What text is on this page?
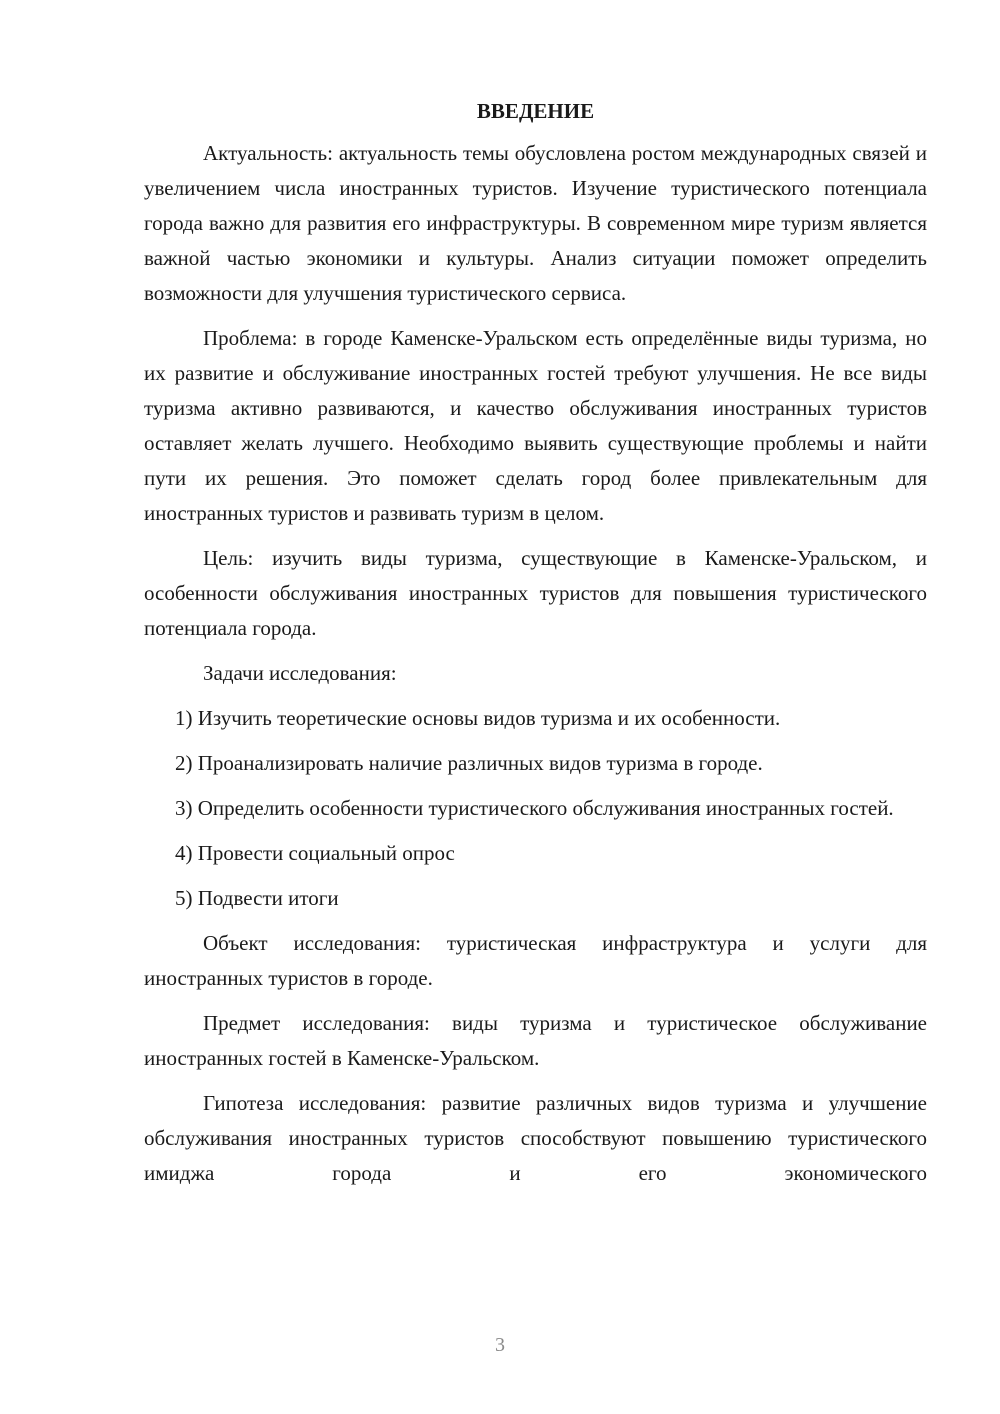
ВВЕДЕНИЕ

Актуальность: актуальность темы обусловлена ростом международных связей и увеличением числа иностранных туристов. Изучение туристического потенциала города важно для развития его инфраструктуры. В современном мире туризм является важной частью экономики и культуры. Анализ ситуации поможет определить возможности для улучшения туристического сервиса.

Проблема: в городе Каменске-Уральском есть определённые виды туризма, но их развитие и обслуживание иностранных гостей требуют улучшения. Не все виды туризма активно развиваются, и качество обслуживания иностранных туристов оставляет желать лучшего. Необходимо выявить существующие проблемы и найти пути их решения. Это поможет сделать город более привлекательным для иностранных туристов и развивать туризм в целом.

Цель: изучить виды туризма, существующие в Каменске-Уральском, и особенности обслуживания иностранных туристов для повышения туристического потенциала города.

Задачи исследования:

1) Изучить теоретические основы видов туризма и их особенности.

2) Проанализировать наличие различных видов туризма в городе.

3) Определить особенности туристического обслуживания иностранных гостей.

4) Провести социальный опрос

5) Подвести итоги

Объект исследования: туристическая инфраструктура и услуги для иностранных туристов в городе.

Предмет исследования: виды туризма и туристическое обслуживание иностранных гостей в Каменске-Уральском.

Гипотеза исследования: развитие различных видов туризма и улучшение обслуживания иностранных туристов способствуют повышению туристического имиджа города и его экономического

3
